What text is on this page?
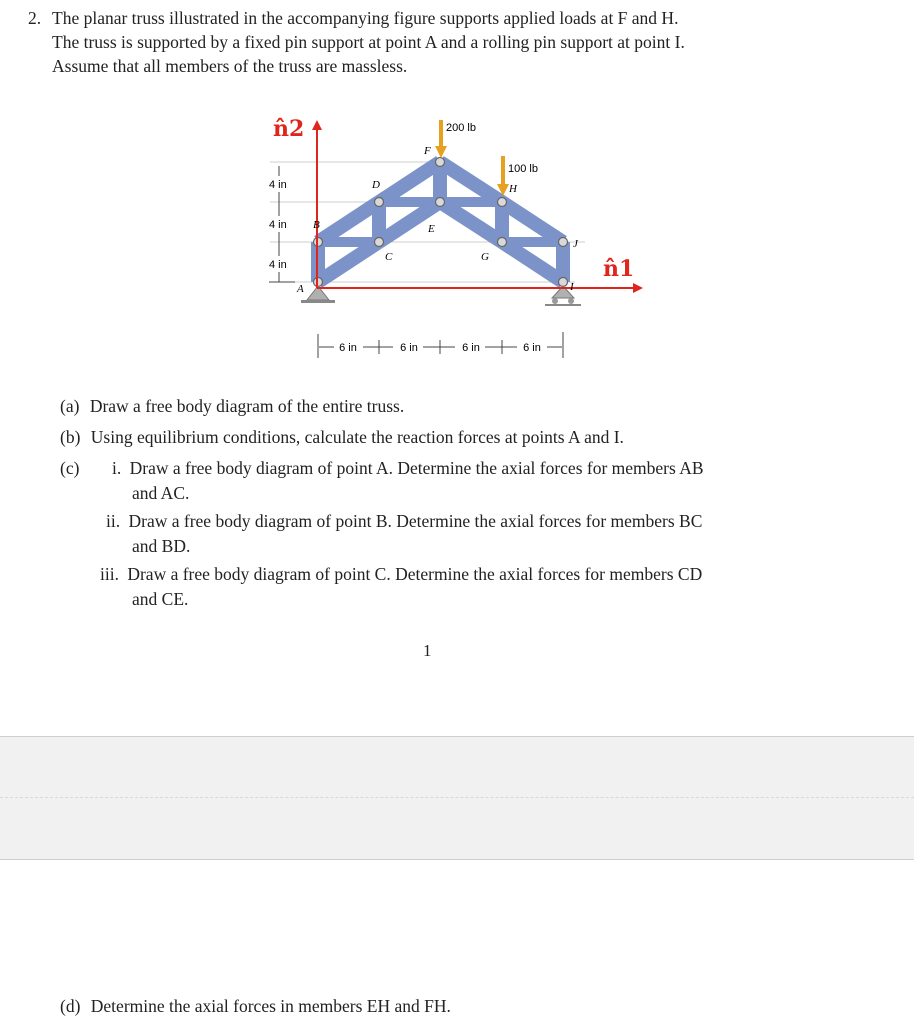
2. The planar truss illustrated in the accompanying figure supports applied loads at F and H.
The truss is supported by a fixed pin support at point A and a rolling pin support at point I.
Assume that all members of the truss are massless.
n̂2
n̂1
200 lb
100 lb
A
B
C
D
E
F
G
H
I
J
4 in
4 in
4 in
6 in	6 in	6 in	6 in
(a) Draw a free body diagram of the entire truss.
(b) Using equilibrium conditions, calculate the reaction forces at points A and I.
(c) i. Draw a free body diagram of point A. Determine the axial forces for members AB
and AC.
ii. Draw a free body diagram of point B. Determine the axial forces for members BC
and BD.
iii. Draw a free body diagram of point C. Determine the axial forces for members CD
and CE.
1
(d) Determine the axial forces in members EH and FH.
